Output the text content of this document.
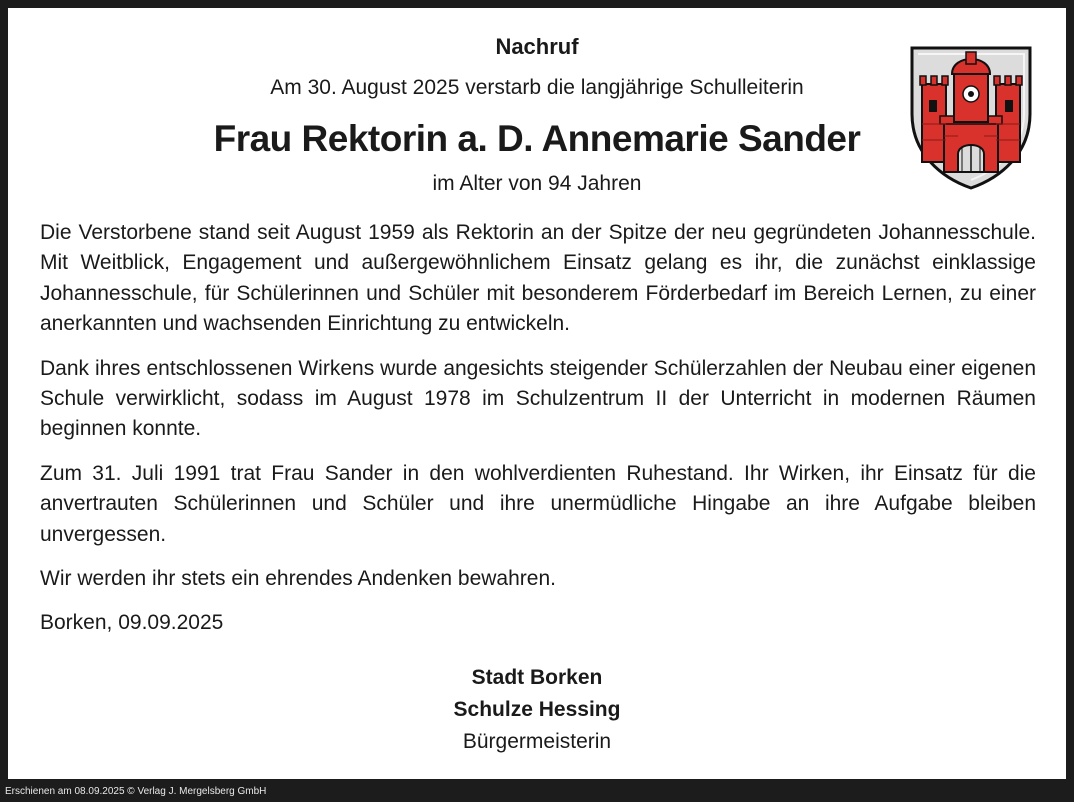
Nachruf
Am 30. August 2025 verstarb die langjährige Schulleiterin
Frau Rektorin a. D. Annemarie Sander
im Alter von 94 Jahren

Die Verstorbene stand seit August 1959 als Rektorin an der Spitze der neu gegründeten Johannesschule. Mit Weitblick, Engagement und außergewöhnlichem Einsatz gelang es ihr, die zunächst einklassige Johannesschule, für Schülerinnen und Schüler mit besonderem Förderbedarf im Bereich Lernen, zu einer anerkannten und wachsenden Einrichtung zu entwickeln.

Dank ihres entschlossenen Wirkens wurde angesichts steigender Schülerzahlen der Neubau einer eigenen Schule verwirklicht, sodass im August 1978 im Schulzentrum II der Unterricht in modernen Räumen beginnen konnte.

Zum 31. Juli 1991 trat Frau Sander in den wohlverdienten Ruhestand. Ihr Wirken, ihr Einsatz für die anvertrauten Schülerinnen und Schüler und ihre unermüdliche Hingabe an ihre Aufgabe bleiben unvergessen.

Wir werden ihr stets ein ehrendes Andenken bewahren.

Borken, 09.09.2025

Stadt Borken
Schulze Hessing
Bürgermeisterin
Erschienen am 08.09.2025 © Verlag J. Mergelsberg GmbH
